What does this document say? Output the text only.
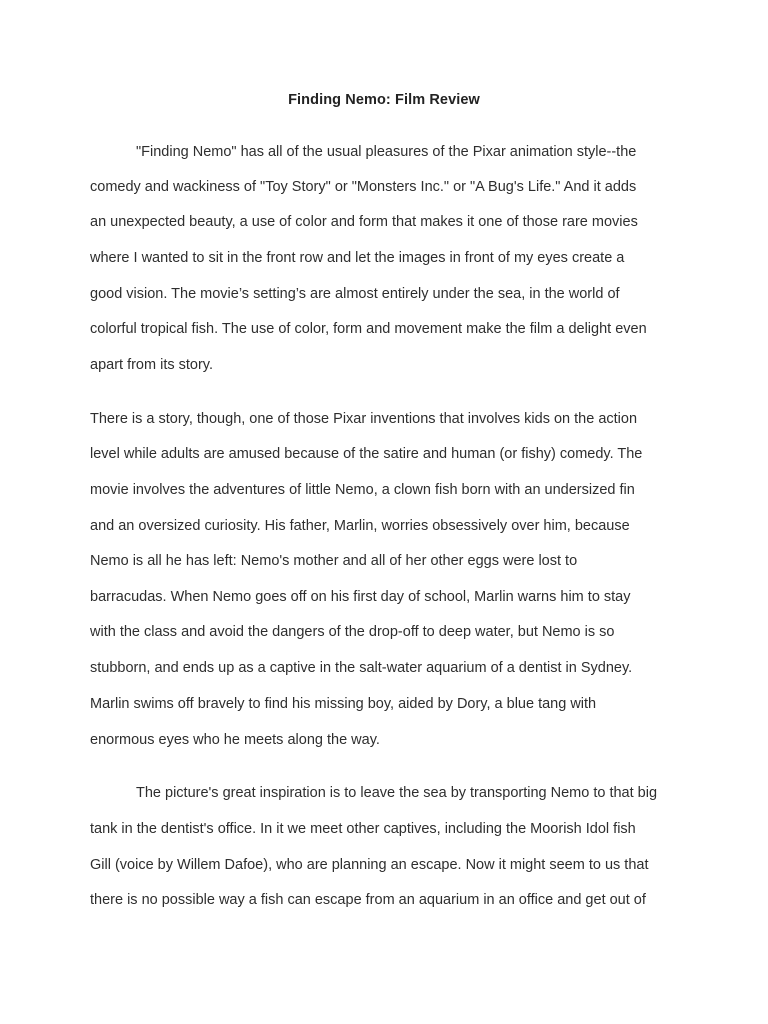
Finding Nemo: Film Review
"Finding Nemo" has all of the usual pleasures of the Pixar animation style--the
comedy and wackiness of "Toy Story" or "Monsters Inc." or "A Bug's Life." And it adds
an unexpected beauty, a use of color and form that makes it one of those rare movies
where I wanted to sit in the front row and let the images in front of my eyes create a
good vision. The movie’s setting’s are almost entirely under the sea, in the world of
colorful tropical fish. The use of color, form and movement make the film a delight even
apart from its story.
There is a story, though, one of those Pixar inventions that involves kids on the action
level while adults are amused because of the satire and human (or fishy) comedy. The
movie involves the adventures of little Nemo, a clown fish born with an undersized fin
and an oversized curiosity. His father, Marlin, worries obsessively over him, because
Nemo is all he has left: Nemo's mother and all of her other eggs were lost to
barracudas. When Nemo goes off on his first day of school, Marlin warns him to stay
with the class and avoid the dangers of the drop-off to deep water, but Nemo is so
stubborn, and ends up as a captive in the salt-water aquarium of a dentist in Sydney.
Marlin swims off bravely to find his missing boy, aided by Dory, a blue tang with
enormous eyes who he meets along the way.
The picture's great inspiration is to leave the sea by transporting Nemo to that big
tank in the dentist's office. In it we meet other captives, including the Moorish Idol fish
Gill (voice by Willem Dafoe), who are planning an escape. Now it might seem to us that
there is no possible way a fish can escape from an aquarium in an office and get out of
